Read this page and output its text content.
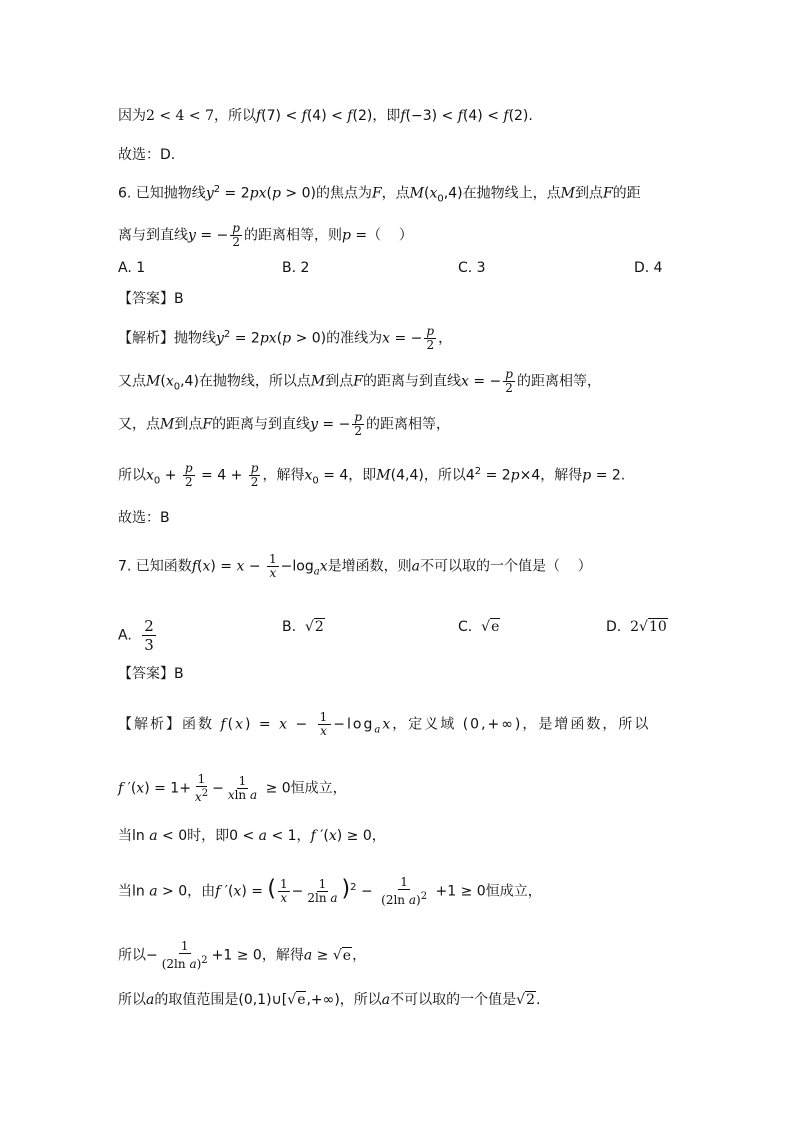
因为2 < 4 < 7，所以f(7) < f(4) < f(2)，即f(−3) < f(4) < f(2).
故选：D.
6. 已知抛物线$y^2 = 2px(p > 0)$的焦点为F，点$M(x_0,4)$在抛物线上，点M到点F的距
离与到直线y = − $\frac{p}{2}$ 的距离相等，则p =（    ）
A. 1	B. 2	C. 3	D. 4
【答案】B
【解析】抛物线$y^2 = 2px(p > 0)$的准线为x = − $\frac{p}{2}$ ，
又点$M(x_0,4)$在抛物线，所以点M到点F的距离与到直线x = − $\frac{p}{2}$ 的距离相等，
又，点M到点F的距离与到直线y = − $\frac{p}{2}$ 的距离相等，
所以$x_0 + \frac{p}{2} = 4 + \frac{p}{2}$ ，解得$x_0 = 4$，即M(4,4)，所以$4^2 = 2p\times 4$，解得p = 2.
故选：B
7. 已知函数$f(x) = x - \frac{1}{x} -\log_ax$是增函数，则a不可以取的一个值是（    ）
A. $\frac{2}{3}$	B.  √2	C.  √e	D.  2√10
【答案】B
【解析】函数 $f(x) = x - \frac{1}{x} -\log_ax$，定义域 (0,+∞)，是增函数，所以
f $'(x) = 1+ \frac{1}{x^2} - \frac{1}{\text{xln a}} \ge 0$恒成立，
当ln a < 0时，即0 < a < 1，f ′(x) ≥ 0，
当ln a > 0，由f ′(x) = ( $\frac{1}{x} - \frac{1}{\text{2ln a}} )^2 - \frac{1}{(2\ln a)^2} +1 \ge 0$恒成立，
所以− $\frac{1}{(2\ln a)^2} +1 \ge 0$，解得a ≥ √e，
所以a的取值范围是(0,1)∪[√e,+∞)，所以a不可以取的一个值是√2.
